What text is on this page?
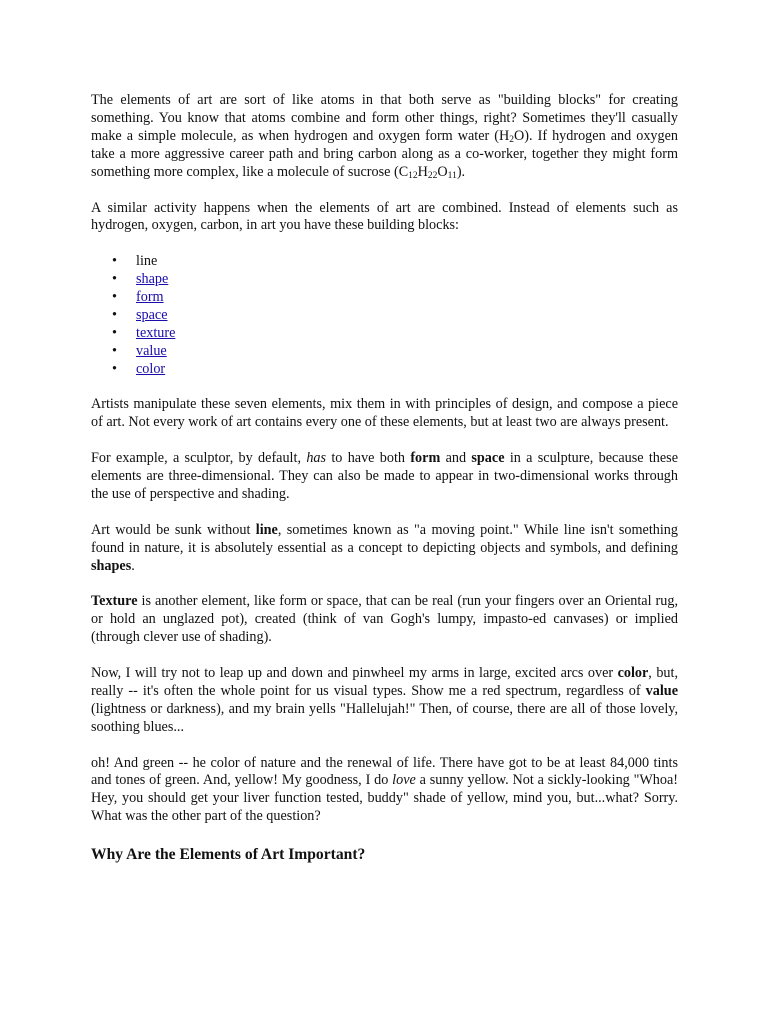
The elements of art are sort of like atoms in that both serve as "building blocks" for creating something. You know that atoms combine and form other things, right? Sometimes they'll casually make a simple molecule, as when hydrogen and oxygen form water $(H_2O)$. If hydrogen and oxygen take a more aggressive career path and bring carbon along as a co-worker, together they might form something more complex, like a molecule of sucrose $(C_{12}H_{22}O_{11})$.

A similar activity happens when the elements of art are combined. Instead of elements such as hydrogen, oxygen, carbon, in art you have these building blocks:

• line
• shape
• form
• space
• texture
• value
• color

Artists manipulate these seven elements, mix them in with principles of design, and compose a piece of art. Not every work of art contains every one of these elements, but at least two are always present.

For example, a sculptor, by default, has to have both form and space in a sculpture, because these elements are three-dimensional. They can also be made to appear in two-dimensional works through the use of perspective and shading.

Art would be sunk without line, sometimes known as "a moving point." While line isn't something found in nature, it is absolutely essential as a concept to depicting objects and symbols, and defining shapes.

Texture is another element, like form or space, that can be real (run your fingers over an Oriental rug, or hold an unglazed pot), created (think of van Gogh's lumpy, impasto-ed canvases) or implied (through clever use of shading).

Now, I will try not to leap up and down and pinwheel my arms in large, excited arcs over color, but, really -- it's often the whole point for us visual types. Show me a red spectrum, regardless of value (lightness or darkness), and my brain yells "Hallelujah!" Then, of course, there are all of those lovely, soothing blues...

oh! And green -- he color of nature and the renewal of life. There have got to be at least 84,000 tints and tones of green. And, yellow! My goodness, I do love a sunny yellow. Not a sickly-looking "Whoa! Hey, you should get your liver function tested, buddy" shade of yellow, mind you, but...what? Sorry. What was the other part of the question?

Why Are the Elements of Art Important?
